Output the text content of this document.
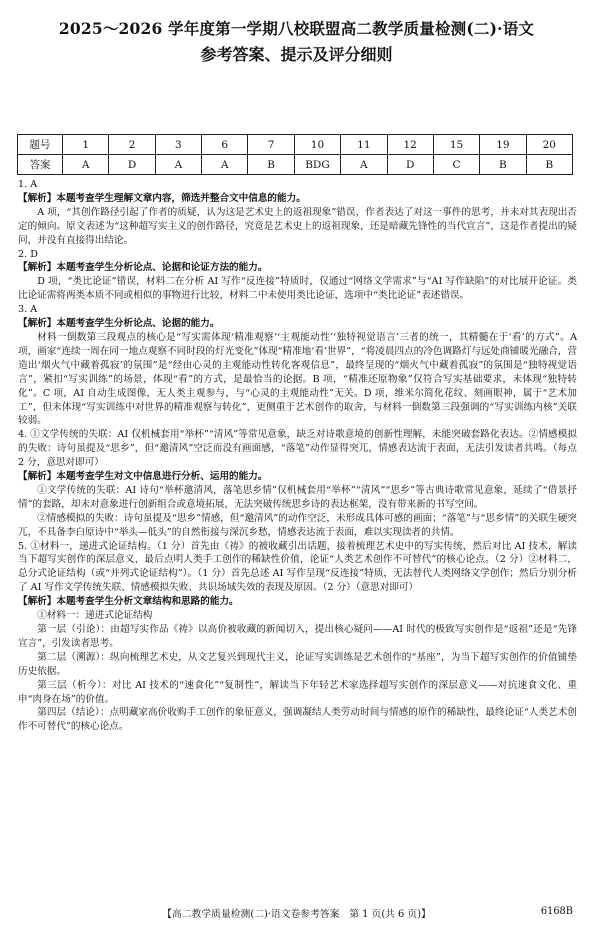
2025～2026 学年度第一学期八校联盟高二教学质量检测(二)·语文
参考答案、提示及评分细则
题号	1	2	3	6	7	10	11	12	15	19	20
答案	A	D	A	A	B	BDG	A	D	C	B	B

1. A

【解析】本题考查学生理解文章内容，筛选并整合文中信息的能力。

A 项，“其创作路径引起了作者的质疑，认为这是艺术史上的返祖现象”错误，作者表达了对这一事件的思考，并未对其表现出否定的倾向。原文表述为“这种超写实主义的创作路径，究竟是艺术史上的返祖现象，还是暗藏先锋性的当代宣言”，这是作者提出的疑问，并没有直接得出结论。

2. D

【解析】本题考查学生分析论点、论据和论证方法的能力。

D 项，“类比论证”错误，材料二在分析 AI 写作“反连接”特质时，仅通过“网络文学需求”与“AI 写作缺陷”的对比展开论证。类比论证需将两类本质不同或相似的事物进行比较，材料二中未使用类比论证，选项中“类比论证”表述错误。

3. A

【解析】本题考查学生分析论点、论据的能力。

材料一倒数第三段观点的核心是“写实需体现‘精准观察’‘主观能动性’‘独特视觉语言’三者的统一，其精髓在于‘看’的方式”。A 项，画家“连续一周在同一地点观察不同时段的灯光变化”体现“精准地‘看’世界”，“将凌晨四点的冷色调路灯与远处商铺暖光融合，营造出‘烟火气中藏着孤寂’的氛围”是“经由心灵的主观能动性转化客观信息”，最终呈现的“烟火气中藏着孤寂”的氛围是“独特视觉语言”，紧扣“写实训练”的场景，体现“看”的方式，是最恰当的论据。B 项，“精准还原物象”仅符合写实基础要求，未体现“独特转化”。C 项，AI 自动生成图像，无人类主观参与，与“心灵的主观能动性”无关。D 项，维米尔简化花纹、刻画眼神，属于“艺术加工”，但未体现“写实训练中对世界的精准观察与转化”，更侧重于艺术创作的取舍，与材料一倒数第三段强调的“写实训练内核”关联较弱。

4. ①文学传统的失联：AI 仅机械套用“举杯”“清风”等常见意象，缺乏对诗歌意境的创新性理解，未能突破套路化表达。②情感模拟的失败：诗句虽提及“思乡”，但“邀清风”空泛而没有画面感，“落笔”动作显得突兀，情感表达流于表面，无法引发读者共鸣。（每点 2 分，意思对即可）

【解析】本题考查学生对文中信息进行分析、运用的能力。

①文学传统的失联：AI 诗句“举杯邀清风，落笔思乡情”仅机械套用“举杯”“清风”“思乡”等古典诗歌常见意象，延续了“借景抒情”的套路，却未对意象进行创新组合或意境拓展，无法突破传统思乡诗的表达框架，没有带来新的书写空间。

②情感模拟的失败：诗句虽提及“思乡”情感，但“邀清风”的动作空泛，未形成具体可感的画面；“落笔”与“思乡情”的关联生硬突兀，不具备李白原诗中“举头—低头”的自然衔接与深沉乡愁，情感表达流于表面，难以实现读者的共情。

5. ①材料一，递进式论证结构。（1 分）首先由《祷》的被收藏引出话题，接着梳理艺术史中的写实传统，然后对比 AI 技术，解读当下超写实创作的深层意义，最后点明人类手工创作的稀缺性价值，论证“人类艺术创作不可替代”的核心论点。（2 分）②材料二，总分式论证结构（或“并列式论证结构”）。（1 分）首先总述 AI 写作呈现“反连接”特质，无法替代人类网络文学创作；然后分别分析了 AI 写作文学传统失联、情感模拟失败、共识场域失效的表现及原因。（2 分）（意思对即可）

【解析】本题考查学生分析文章结构和思路的能力。

①材料一：递进式论证结构

第一层（引论）：由超写实作品《祷》以高价被收藏的新闻切入，提出核心疑问——AI 时代的极致写实创作是“返祖”还是“先锋宣言”，引发读者思考。

第二层（溯源）：纵向梳理艺术史，从文艺复兴到现代主义，论证写实训练是艺术创作的“基座”，为当下超写实创作的价值铺垫历史依据。

第三层（析今）：对比 AI 技术的“速食化”“复制性”，解读当下年轻艺术家选择超写实创作的深层意义——对抗速食文化、重申“肉身在场”的价值。

第四层（结论）：点明藏家高价收购手工创作的象征意义，强调凝结人类劳动时间与情感的原作的稀缺性，最终论证“人类艺术创作不可替代”的核心论点。

【高二教学质量检测(二)·语文卷参考答案　第 1 页(共 6 页)】	6168B
